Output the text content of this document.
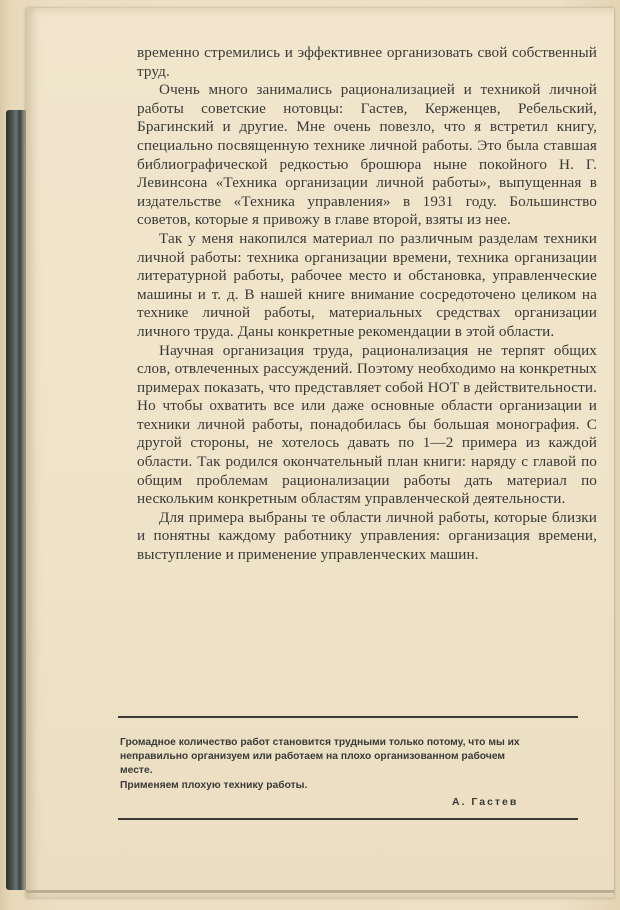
временно стремились и эффективнее организовать свой собственный труд.

Очень много занимались рационализацией и техникой личной работы советские нотовцы: Гастев, Керженцев, Ребельский, Брагинский и другие. Мне очень повезло, что я встретил книгу, специально посвященную технике личной работы. Это была ставшая библиографической редкостью брошюра ныне покойного Н. Г. Левинсона «Техника организации личной работы», выпущенная в издательстве «Техника управления» в 1931 году. Большинство советов, которые я привожу в главе второй, взяты из нее.

Так у меня накопился материал по различным разделам техники личной работы: техника организации времени, техника организации литературной работы, рабочее место и обстановка, управленческие машины и т. д. В нашей книге внимание сосредоточено целиком на технике личной работы, материальных средствах организации личного труда. Даны конкретные рекомендации в этой области.

Научная организация труда, рационализация не терпят общих слов, отвлеченных рассуждений. Поэтому необходимо на конкретных примерах показать, что представляет собой НОТ в действительности. Но чтобы охватить все или даже основные области организации и техники личной работы, понадобилась бы большая монография. С другой стороны, не хотелось давать по 1—2 примера из каждой области. Так родился окончательный план книги: наряду с главой по общим проблемам рационализации работы дать материал по нескольким конкретным областям управленческой деятельности.

Для примера выбраны те области личной работы, которые близки и понятны каждому работнику управления: организация времени, выступление и применение управленческих машин.

Громадное количество работ становится трудными только потому, что мы их неправильно организуем или работаем на плохо организованном рабочем месте.

Применяем плохую технику работы.

А. Гастев
